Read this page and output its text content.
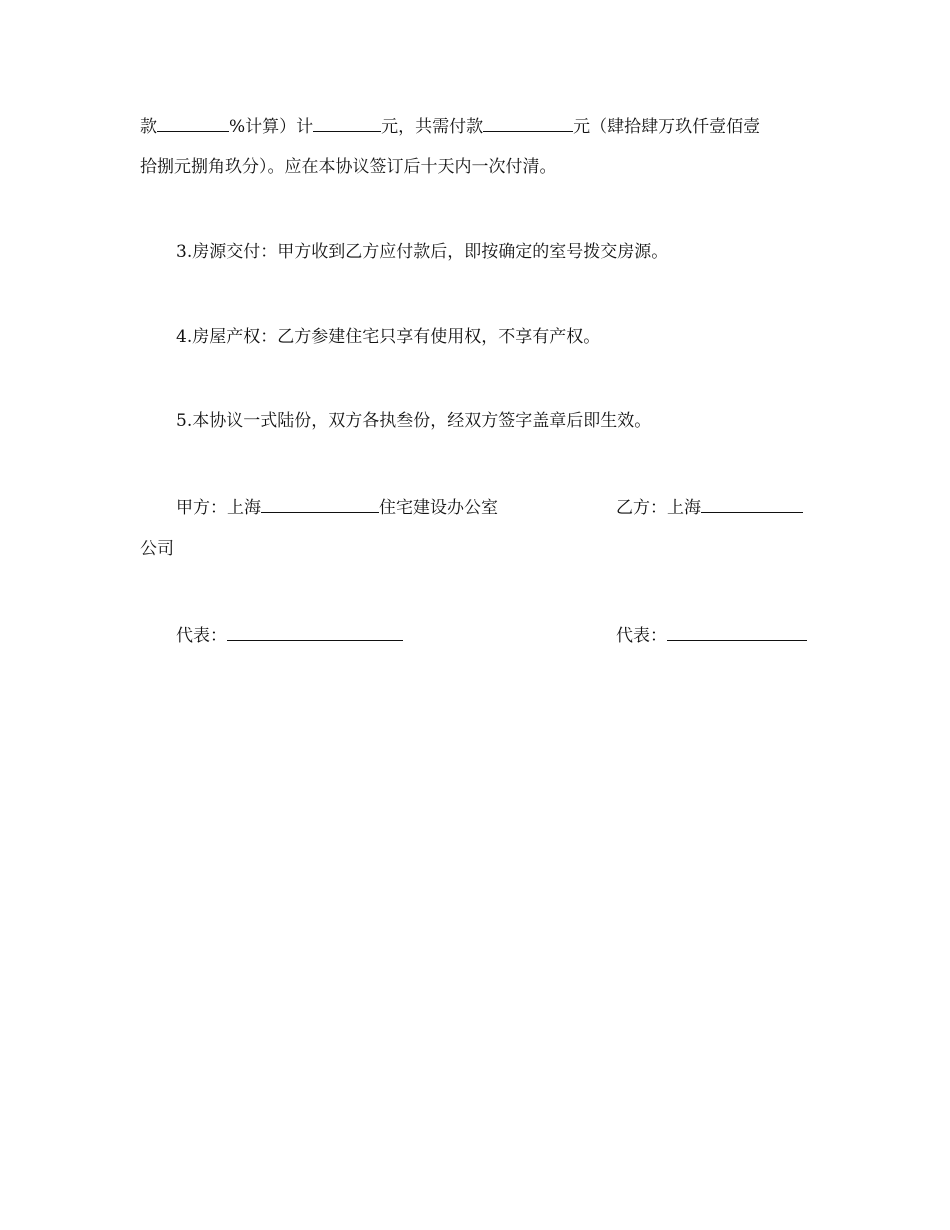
款	%计算）计	元，共需付款	元（肆拾肆万玖仟壹佰壹
拾捌元捌角玖分）。应在本协议签订后十天内一次付清。
3.房源交付：甲方收到乙方应付款后，即按确定的室号拨交房源。
4.房屋产权：乙方参建住宅只享有使用权，不享有产权。
5.本协议一式陆份，双方各执叁份，经双方签字盖章后即生效。
甲方：上海	住宅建设办公室	乙方：上海
公司
代表：	代表：
